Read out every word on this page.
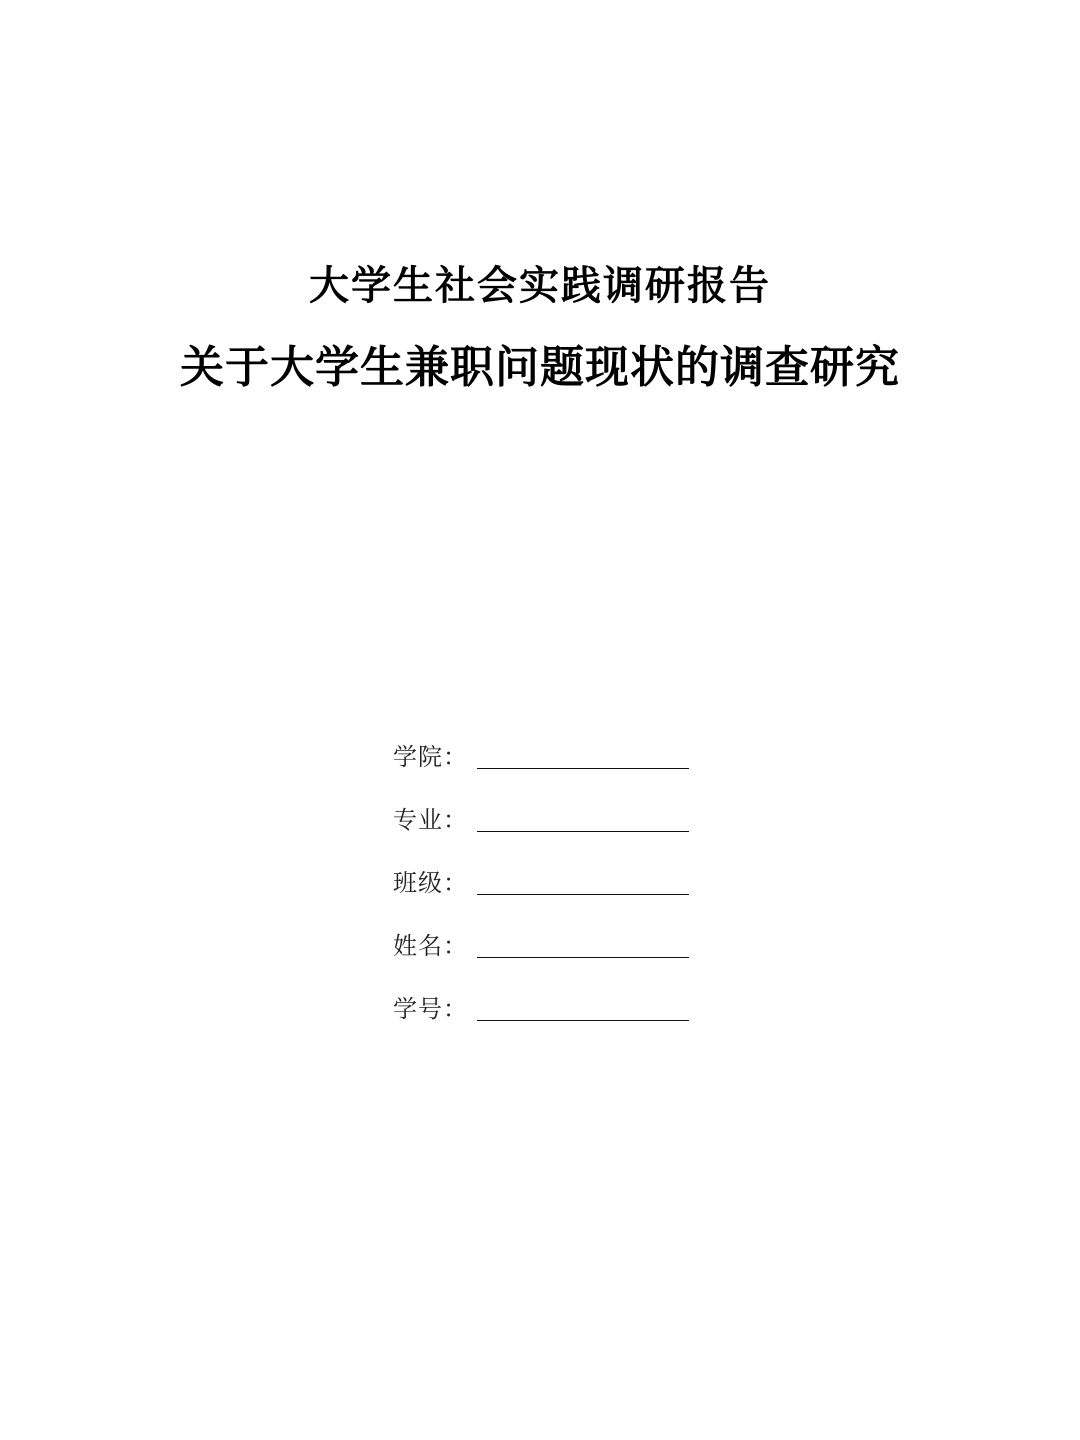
大学生社会实践调研报告
关于大学生兼职问题现状的调查研究
学院：
专业：
班级：
姓名：
学号：
